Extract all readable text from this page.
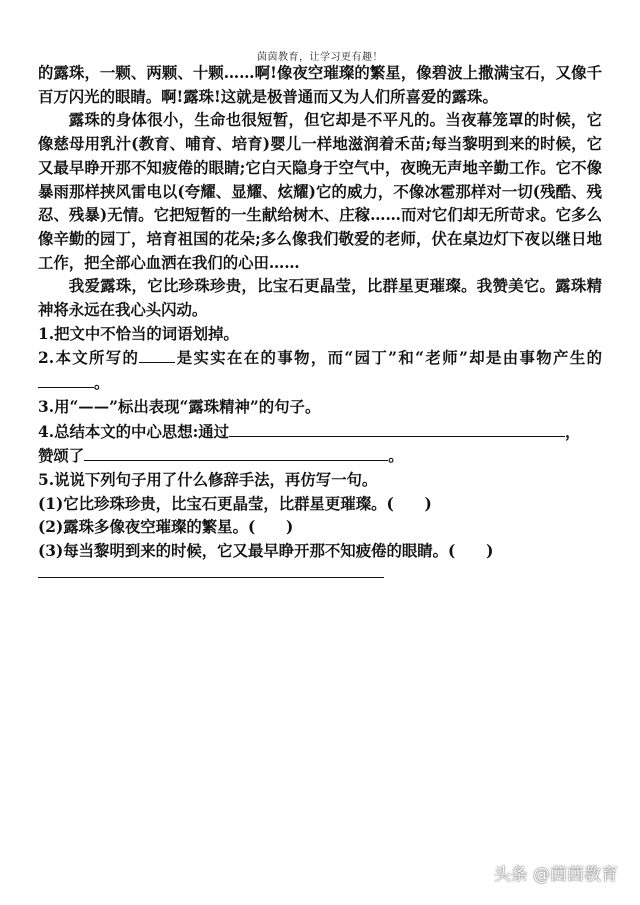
茵茵教育，让学习更有趣！

的露珠，一颗、两颗、十颗……啊!像夜空璀璨的繁星，像碧波上撒满宝石，又像千百万闪光的眼睛。啊!露珠!这就是极普通而又为人们所喜爱的露珠。

露珠的身体很小，生命也很短暂，但它却是不平凡的。当夜幕笼罩的时候，它像慈母用乳汁(教育、哺育、培育)婴儿一样地滋润着禾苗;每当黎明到来的时候，它又最早睁开那不知疲倦的眼睛;它白天隐身于空气中，夜晚无声地辛勤工作。它不像暴雨那样挟风雷电以(夸耀、显耀、炫耀)它的威力，不像冰雹那样对一切(残酷、残忍、残暴)无情。它把短暂的一生献给树木、庄稼……而对它们却无所苛求。它多么像辛勤的园丁，培育祖国的花朵;多么像我们敬爱的老师，伏在桌边灯下夜以继日地工作，把全部心血洒在我们的心田……

我爱露珠，它比珍珠珍贵，比宝石更晶莹，比群星更璀璨。我赞美它。露珠精神将永远在我心头闪动。

1.把文中不恰当的词语划掉。

2.本文所写的 是实实在在的事物，而“园丁”和“老师”却是由事物产生的。

3.用“——”标出表现“露珠精神”的句子。

4.总结本文的中心思想:通过	，
赞颂了	。

5.说说下列句子用了什么修辞手法，再仿写一句。

(1)它比珍珠珍贵，比宝石更晶莹，比群星更璀璨。(　　)

(2)露珠多像夜空璀璨的繁星。(　　)

(3)每当黎明到来的时候，它又最早睁开那不知疲倦的眼睛。(　　)

头条 @茵茵教育
